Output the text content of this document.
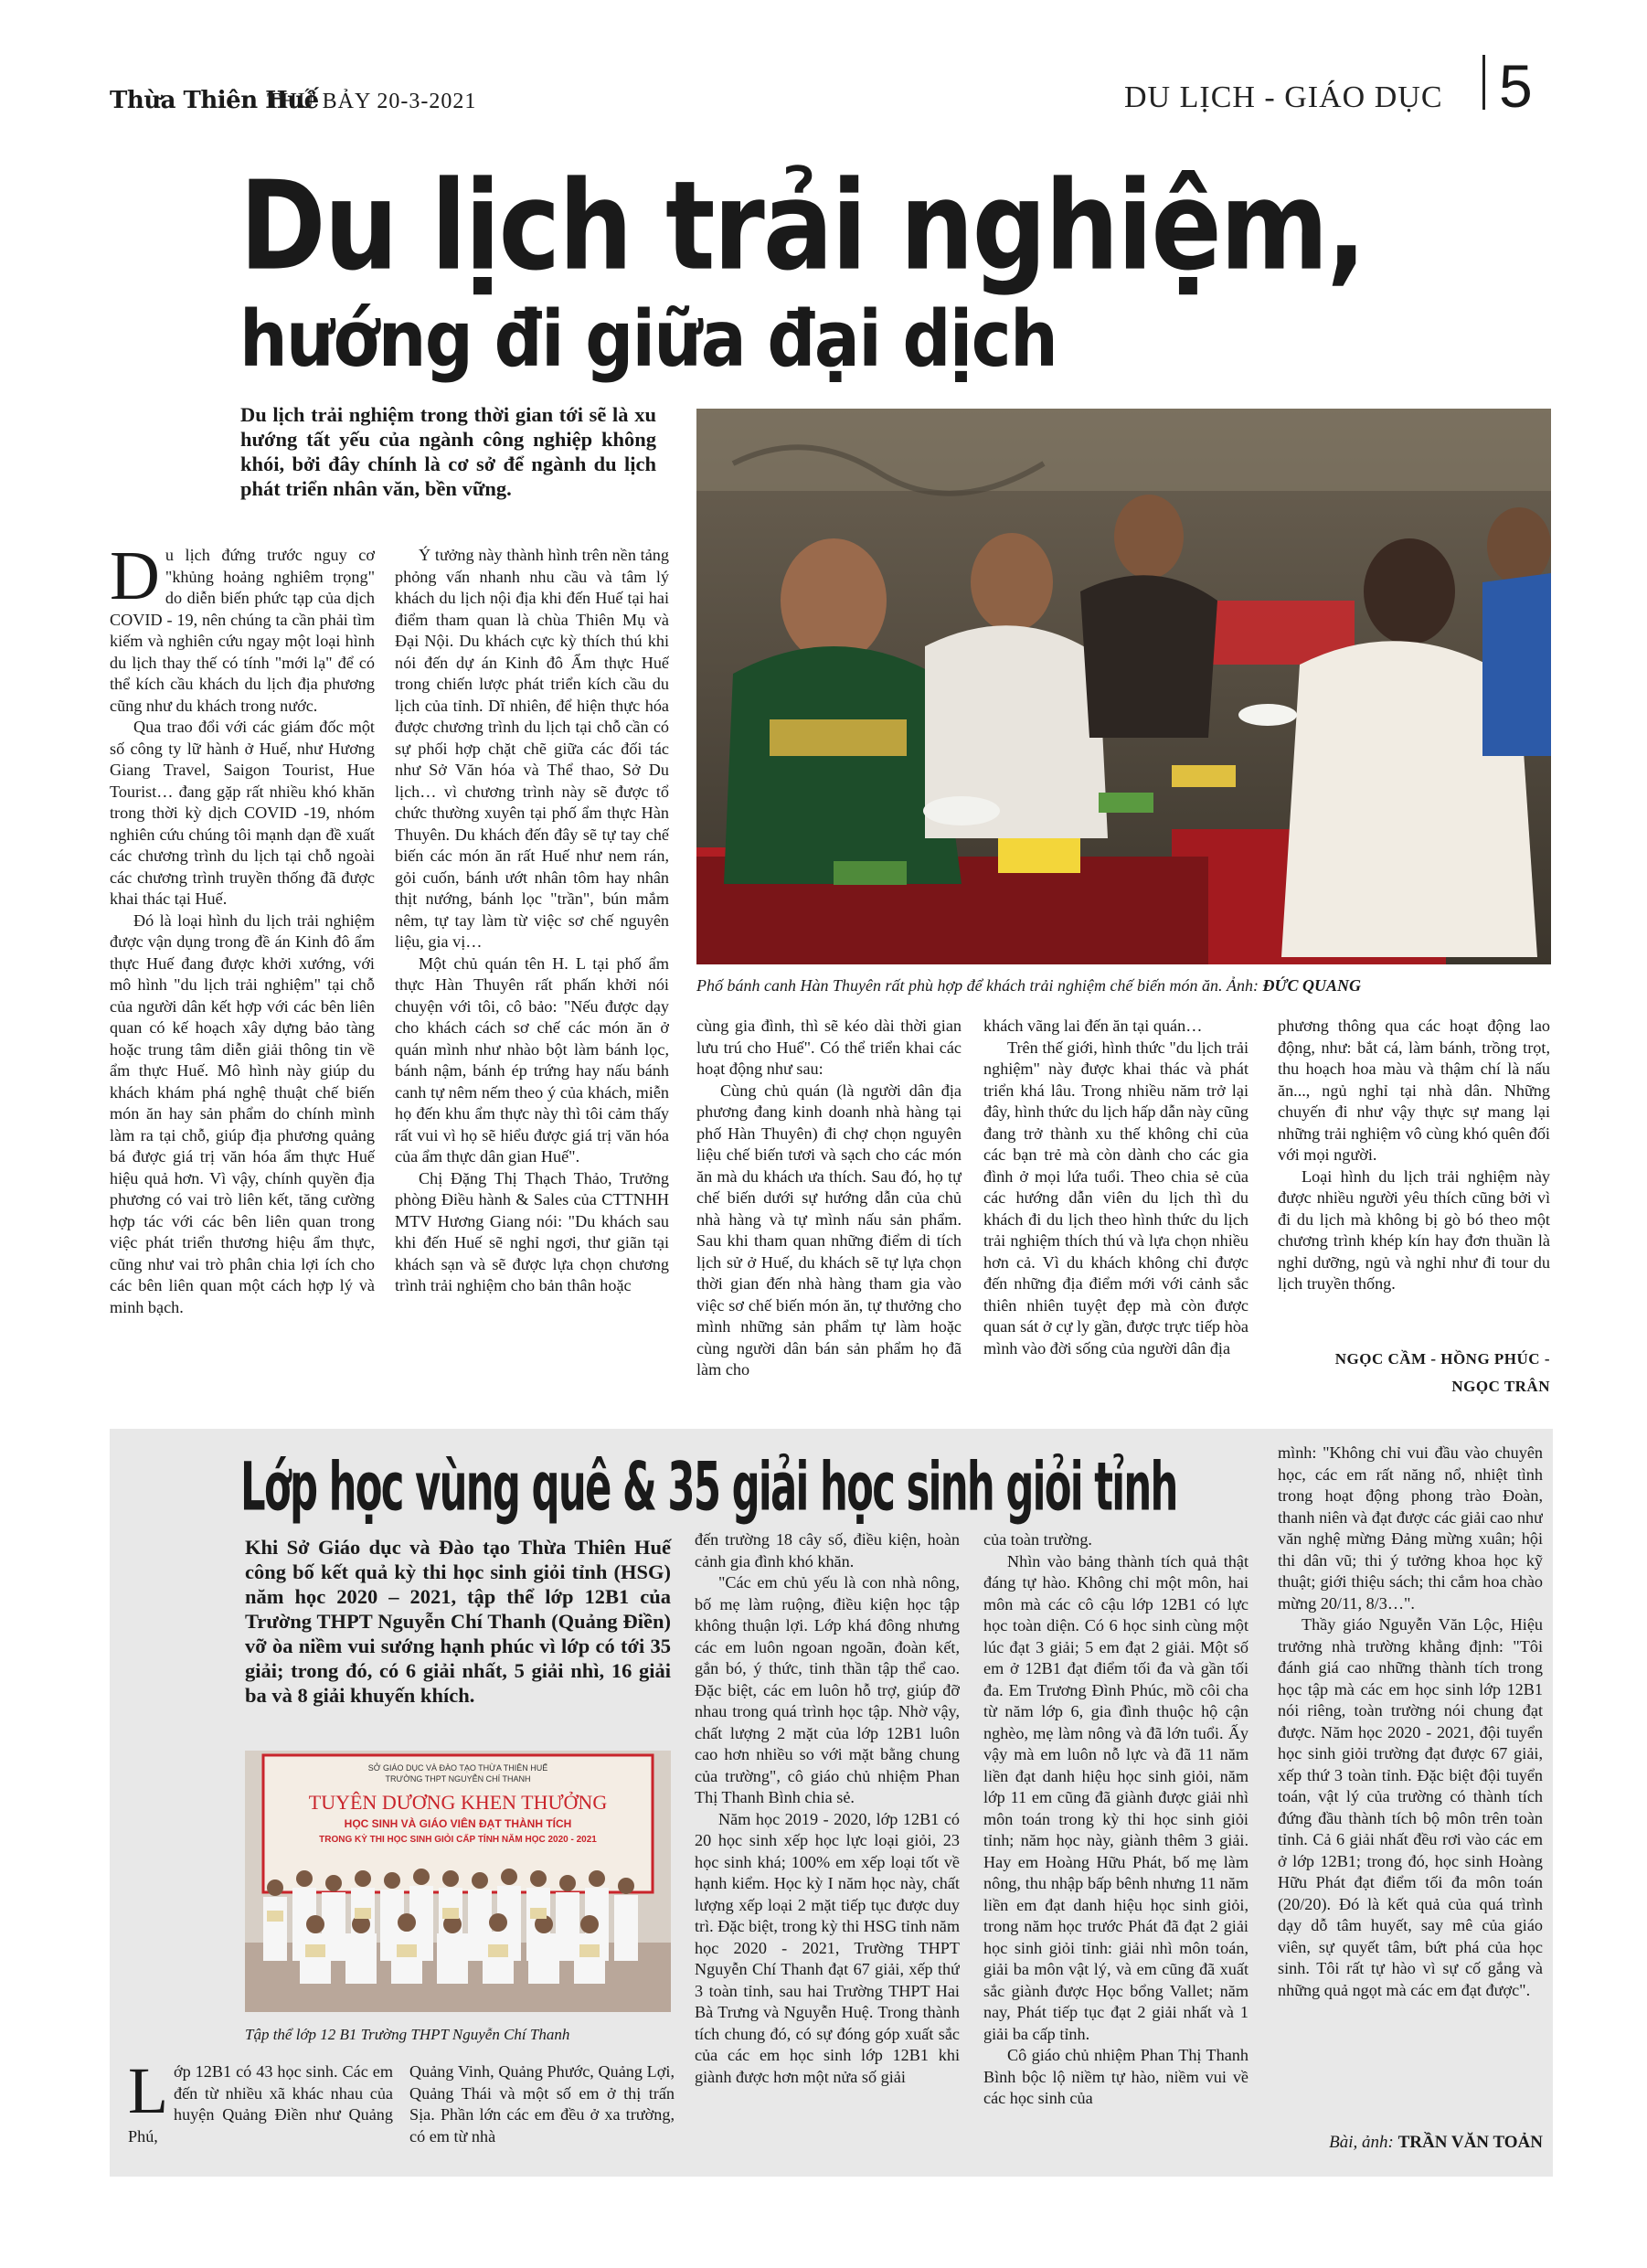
Thừa Thiên Huế
THỨ BẢY 20-3-2021	DU LỊCH - GIÁO DỤC 5
Du lịch trải nghiệm,
hướng đi giữa đại dịch
Du lịch trải nghiệm trong thời gian tới sẽ là xu hướng tất yếu của ngành công nghiệp không khói, bởi đây chính là cơ sở để ngành du lịch phát triển nhân văn, bền vững.
D u lịch đứng trước nguy cơ "khủng hoảng nghiêm trọng" do diễn biến phức tạp của dịch COVID - 19, nên chúng ta cần phải tìm kiếm và nghiên cứu ngay một loại hình du lịch thay thế có tính "mới lạ" để có thể kích cầu khách du lịch địa phương cũng như du khách trong nước.

Qua trao đổi với các giám đốc một số công ty lữ hành ở Huế, như Hương Giang Travel, Saigon Tourist, Hue Tourist… đang gặp rất nhiều khó khăn trong thời kỳ dịch COVID -19, nhóm nghiên cứu chúng tôi mạnh dạn đề xuất các chương trình du lịch tại chỗ ngoài các chương trình truyền thống đã được khai thác tại Huế.

Đó là loại hình du lịch trải nghiệm được vận dụng trong đề án Kinh đô ẩm thực Huế đang được khởi xướng, với mô hình "du lịch trải nghiệm" tại chỗ của người dân kết hợp với các bên liên quan có kế hoạch xây dựng bảo tàng hoặc trung tâm diễn giải thông tin về ẩm thực Huế. Mô hình này giúp du khách khám phá nghệ thuật chế biến món ăn hay sản phẩm do chính mình làm ra tại chỗ, giúp địa phương quảng bá được giá trị văn hóa ẩm thực Huế hiệu quả hơn. Vì vậy, chính quyền địa phương có vai trò liên kết, tăng cường hợp tác với các bên liên quan trong việc phát triển thương hiệu ẩm thực, cũng như vai trò phân chia lợi ích cho các bên liên quan một cách hợp lý và minh bạch.

Ý tưởng này thành hình trên nền tảng phỏng vấn nhanh nhu cầu và tâm lý khách du lịch nội địa khi đến Huế tại hai điểm tham quan là chùa Thiên Mụ và Đại Nội. Du khách cực kỳ thích thú khi nói đến dự án Kinh đô Ẩm thực Huế trong chiến lược phát triển kích cầu du lịch của tỉnh. Dĩ nhiên, để hiện thực hóa được chương trình du lịch tại chỗ cần có sự phối hợp chặt chẽ giữa các đối tác như Sở Văn hóa và Thể thao, Sở Du lịch… vì chương trình này sẽ được tổ chức thường xuyên tại phố ẩm thực Hàn Thuyên. Du khách đến đây sẽ tự tay chế biến các món ăn rất Huế như nem rán, gỏi cuốn, bánh ướt nhân tôm hay nhân thịt nướng, bánh lọc "trần", bún mắm nêm, tự tay làm từ việc sơ chế nguyên liệu, gia vị…

Một chủ quán tên H. L tại phố ẩm thực Hàn Thuyên rất phấn khởi nói chuyện với tôi, cô bảo: "Nếu được dạy cho khách cách sơ chế các món ăn ở quán mình như nhào bột làm bánh lọc, bánh nậm, bánh ép trứng hay nấu bánh canh tự nêm nếm theo ý của khách, miễn họ đến khu ẩm thực này thì tôi cảm thấy rất vui vì họ sẽ hiểu được giá trị văn hóa của ẩm thực dân gian Huế".

Chị Đặng Thị Thạch Thảo, Trưởng phòng Điều hành & Sales của CTTNHH MTV Hương Giang nói: "Du khách sau khi đến Huế sẽ nghỉ ngơi, thư giãn tại khách sạn và sẽ được lựa chọn chương trình trải nghiệm cho bản thân hoặc

Phố bánh canh Hàn Thuyên rất phù hợp để khách trải nghiệm chế biến món ăn. Ảnh: ĐỨC QUANG

cùng gia đình, thì sẽ kéo dài thời gian lưu trú cho Huế". Có thể triển khai các hoạt động như sau:

Cùng chủ quán (là người dân địa phương đang kinh doanh nhà hàng tại phố Hàn Thuyên) đi chợ chọn nguyên liệu chế biến tươi và sạch cho các món ăn mà du khách ưa thích. Sau đó, họ tự chế biến dưới sự hướng dẫn của chủ nhà hàng và tự mình nấu sản phẩm. Sau khi tham quan những điểm di tích lịch sử ở Huế, du khách sẽ tự lựa chọn thời gian đến nhà hàng tham gia vào việc sơ chế biến món ăn, tự thưởng cho mình những sản phẩm tự làm hoặc cùng người dân bán sản phẩm họ đã làm cho

khách vãng lai đến ăn tại quán…

Trên thế giới, hình thức "du lịch trải nghiệm" này được khai thác và phát triển khá lâu. Trong nhiều năm trở lại đây, hình thức du lịch hấp dẫn này cũng đang trở thành xu thế không chỉ của các bạn trẻ mà còn dành cho các gia đình ở mọi lứa tuổi. Theo chia sẻ của các hướng dẫn viên du lịch thì du khách đi du lịch theo hình thức du lịch trải nghiệm thích thú và lựa chọn nhiều hơn cả. Vì du khách không chỉ được đến những địa điểm mới với cảnh sắc thiên nhiên tuyệt đẹp mà còn được quan sát ở cự ly gần, được trực tiếp hòa mình vào đời sống của người dân địa

phương thông qua các hoạt động lao động, như: bắt cá, làm bánh, trồng trọt, thu hoạch hoa màu và thậm chí là nấu ăn..., ngủ nghỉ tại nhà dân. Những chuyến đi như vậy thực sự mang lại những trải nghiệm vô cùng khó quên đối với mọi người.

Loại hình du lịch trải nghiệm này được nhiều người yêu thích cũng bởi vì đi du lịch mà không bị gò bó theo một chương trình khép kín hay đơn thuần là nghỉ dưỡng, ngủ và nghỉ như đi tour du lịch truyền thống.

NGỌC CẦM - HỒNG PHÚC -
NGỌC TRÂN
Lớp học vùng quê & 35 giải học sinh giỏi tỉnh
Khi Sở Giáo dục và Đào tạo Thừa Thiên Huế công bố kết quả kỳ thi học sinh giỏi tỉnh (HSG) năm học 2020 – 2021, tập thể lớp 12B1 của Trường THPT Nguyễn Chí Thanh (Quảng Điền) vỡ òa niềm vui sướng hạnh phúc vì lớp có tới 35 giải; trong đó, có 6 giải nhất, 5 giải nhì, 16 giải ba và 8 giải khuyến khích.
SỞ GIÁO DỤC VÀ ĐÀO TẠO THỪA THIÊN HUẾ
TRƯỜNG THPT NGUYỄN CHÍ THANH
TUYÊN DƯƠNG KHEN THƯỞNG
HỌC SINH VÀ GIÁO VIÊN ĐẠT THÀNH TÍCH
TRONG KỲ THI HỌC SINH GIỎI CẤP TỈNH NĂM HỌC 2020 - 2021
Tập thể lớp 12 B1 Trường THPT Nguyễn Chí Thanh
L ớp 12B1 có 43 học sinh. Các em đến từ nhiều xã khác nhau của huyện Quảng Điền như Quảng Phú,

Quảng Vinh, Quảng Phước, Quảng Lợi, Quảng Thái và một số em ở thị trấn Sịa. Phần lớn các em đều ở xa trường, có em từ nhà

đến trường 18 cây số, điều kiện, hoàn cảnh gia đình khó khăn.

"Các em chủ yếu là con nhà nông, bố mẹ làm ruộng, điều kiện học tập không thuận lợi. Lớp khá đông nhưng các em luôn ngoan ngoãn, đoàn kết, gắn bó, ý thức, tinh thần tập thể cao. Đặc biệt, các em luôn hỗ trợ, giúp đỡ nhau trong quá trình học tập. Nhờ vậy, chất lượng 2 mặt của lớp 12B1 luôn cao hơn nhiều so với mặt bằng chung của trường", cô giáo chủ nhiệm Phan Thị Thanh Bình chia sẻ.

Năm học 2019 - 2020, lớp 12B1 có 20 học sinh xếp học lực loại giỏi, 23 học sinh khá; 100% em xếp loại tốt về hạnh kiểm. Học kỳ I năm học này, chất lượng xếp loại 2 mặt tiếp tục được duy trì. Đặc biệt, trong kỳ thi HSG tỉnh năm học 2020 - 2021, Trường THPT Nguyễn Chí Thanh đạt 67 giải, xếp thứ 3 toàn tỉnh, sau hai Trường THPT Hai Bà Trưng và Nguyễn Huệ. Trong thành tích chung đó, có sự đóng góp xuất sắc của các em học sinh lớp 12B1 khi giành được hơn một nửa số giải

của toàn trường.

Nhìn vào bảng thành tích quả thật đáng tự hào. Không chỉ một môn, hai môn mà các cô cậu lớp 12B1 có lực học toàn diện. Có 6 học sinh cùng một lúc đạt 3 giải; 5 em đạt 2 giải. Một số em ở 12B1 đạt điểm tối đa và gần tối đa. Em Trương Đình Phúc, mồ côi cha từ năm lớp 6, gia đình thuộc hộ cận nghèo, mẹ làm nông và đã lớn tuổi. Ấy vậy mà em luôn nỗ lực và đã 11 năm liền đạt danh hiệu học sinh giỏi, năm lớp 11 em cũng đã giành được giải nhì môn toán trong kỳ thi học sinh giỏi tỉnh; năm học này, giành thêm 3 giải. Hay em Hoàng Hữu Phát, bố mẹ làm nông, thu nhập bấp bênh nhưng 11 năm liền em đạt danh hiệu học sinh giỏi, trong năm học trước Phát đã đạt 2 giải học sinh giỏi tỉnh: giải nhì môn toán, giải ba môn vật lý, và em cũng đã xuất sắc giành được Học bổng Vallet; năm nay, Phát tiếp tục đạt 2 giải nhất và 1 giải ba cấp tỉnh.

Cô giáo chủ nhiệm Phan Thị Thanh Bình bộc lộ niềm tự hào, niềm vui về các học sinh của

mình: "Không chỉ vui đầu vào chuyên học, các em rất năng nổ, nhiệt tình trong hoạt động phong trào Đoàn, thanh niên và đạt được các giải cao như văn nghệ mừng Đảng mừng xuân; hội thi dân vũ; thi ý tưởng khoa học kỹ thuật; giới thiệu sách; thi cắm hoa chào mừng 20/11, 8/3…".

Thầy giáo Nguyễn Văn Lộc, Hiệu trưởng nhà trường khẳng định: "Tôi đánh giá cao những thành tích trong học tập mà các em học sinh lớp 12B1 nói riêng, toàn trường nói chung đạt được. Năm học 2020 - 2021, đội tuyển học sinh giỏi trường đạt được 67 giải, xếp thứ 3 toàn tỉnh. Đặc biệt đội tuyển toán, vật lý của trường có thành tích đứng đầu thành tích bộ môn trên toàn tỉnh. Cả 6 giải nhất đều rơi vào các em ở lớp 12B1; trong đó, học sinh Hoàng Hữu Phát đạt điểm tối đa môn toán (20/20). Đó là kết quả của quá trình dạy dỗ tâm huyết, say mê của giáo viên, sự quyết tâm, bứt phá của học sinh. Tôi rất tự hào vì sự cố gắng và những quả ngọt mà các em đạt được".

Bài, ảnh: TRẦN VĂN TOẢN
